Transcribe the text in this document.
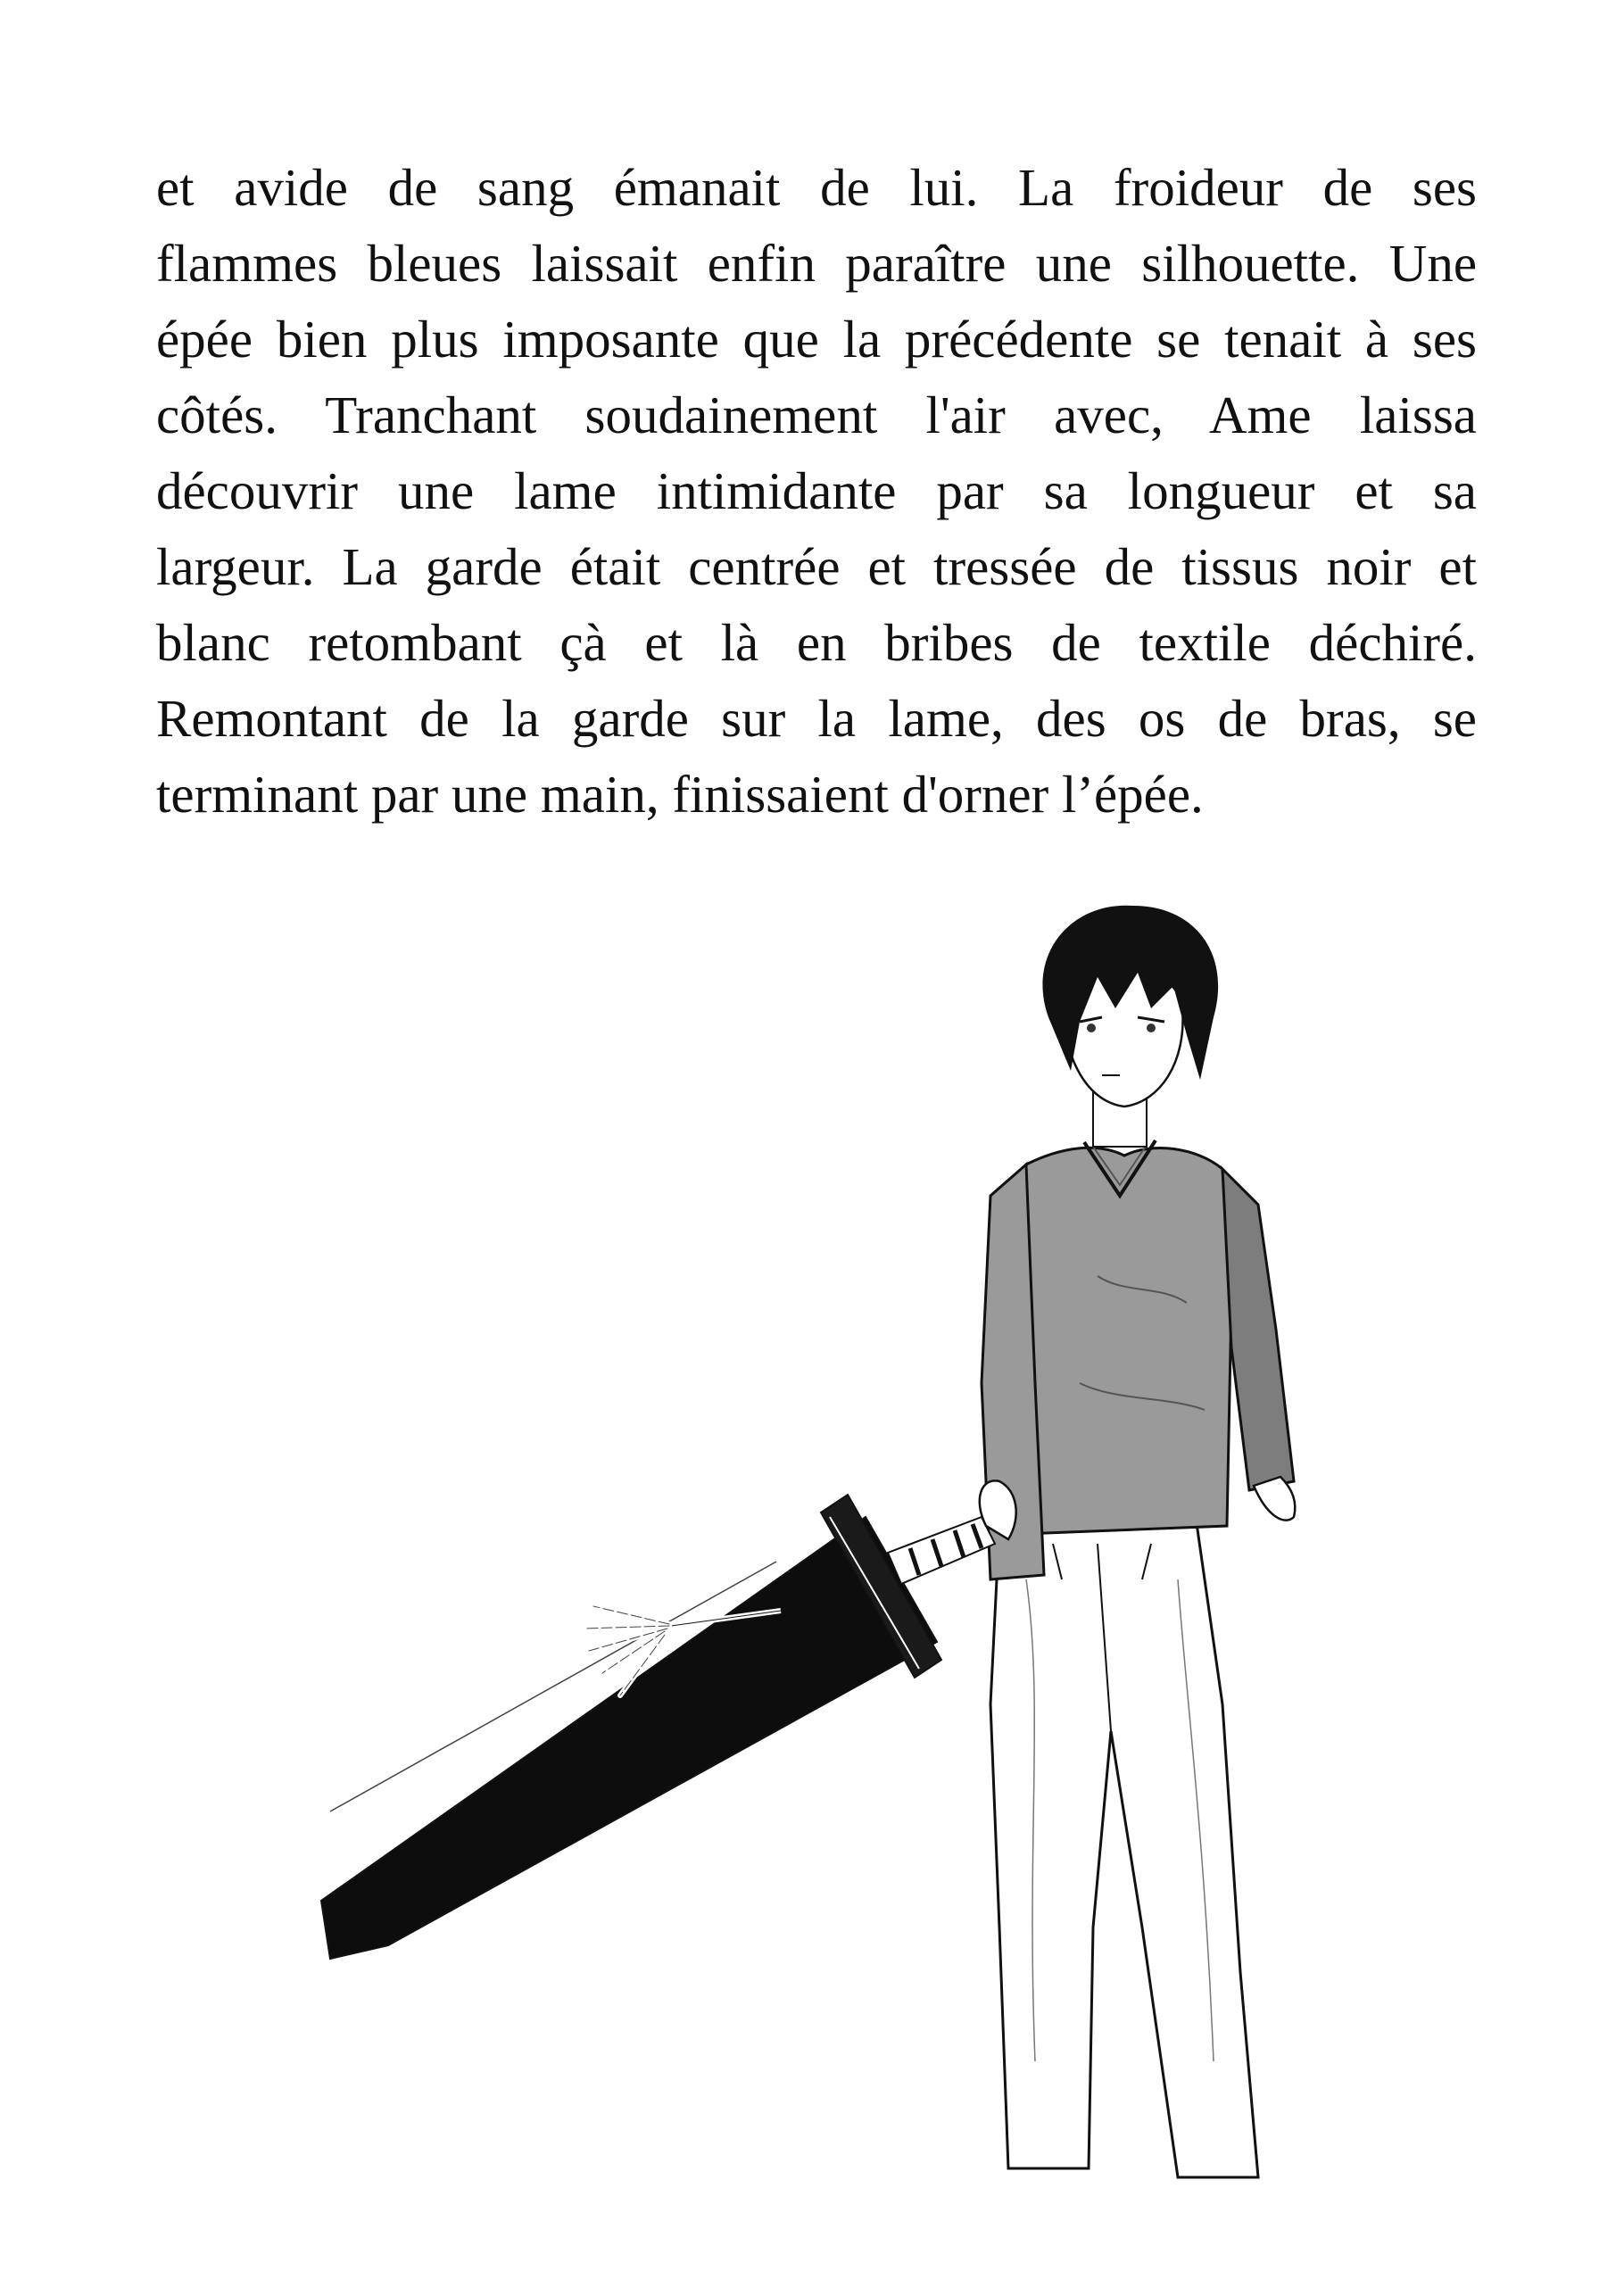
et avide de sang émanait de lui. La froideur de ses
flammes bleues laissait enfin paraître une silhouette. Une
épée bien plus imposante que la précédente se tenait à ses
côtés. Tranchant soudainement l'air avec, Ame laissa
découvrir une lame intimidante par sa longueur et sa
largeur. La garde était centrée et tressée de tissus noir et
blanc retombant çà et là en bribes de textile déchiré.
Remontant de la garde sur la lame, des os de bras, se
terminant par une main, finissaient d'orner l’épée.
